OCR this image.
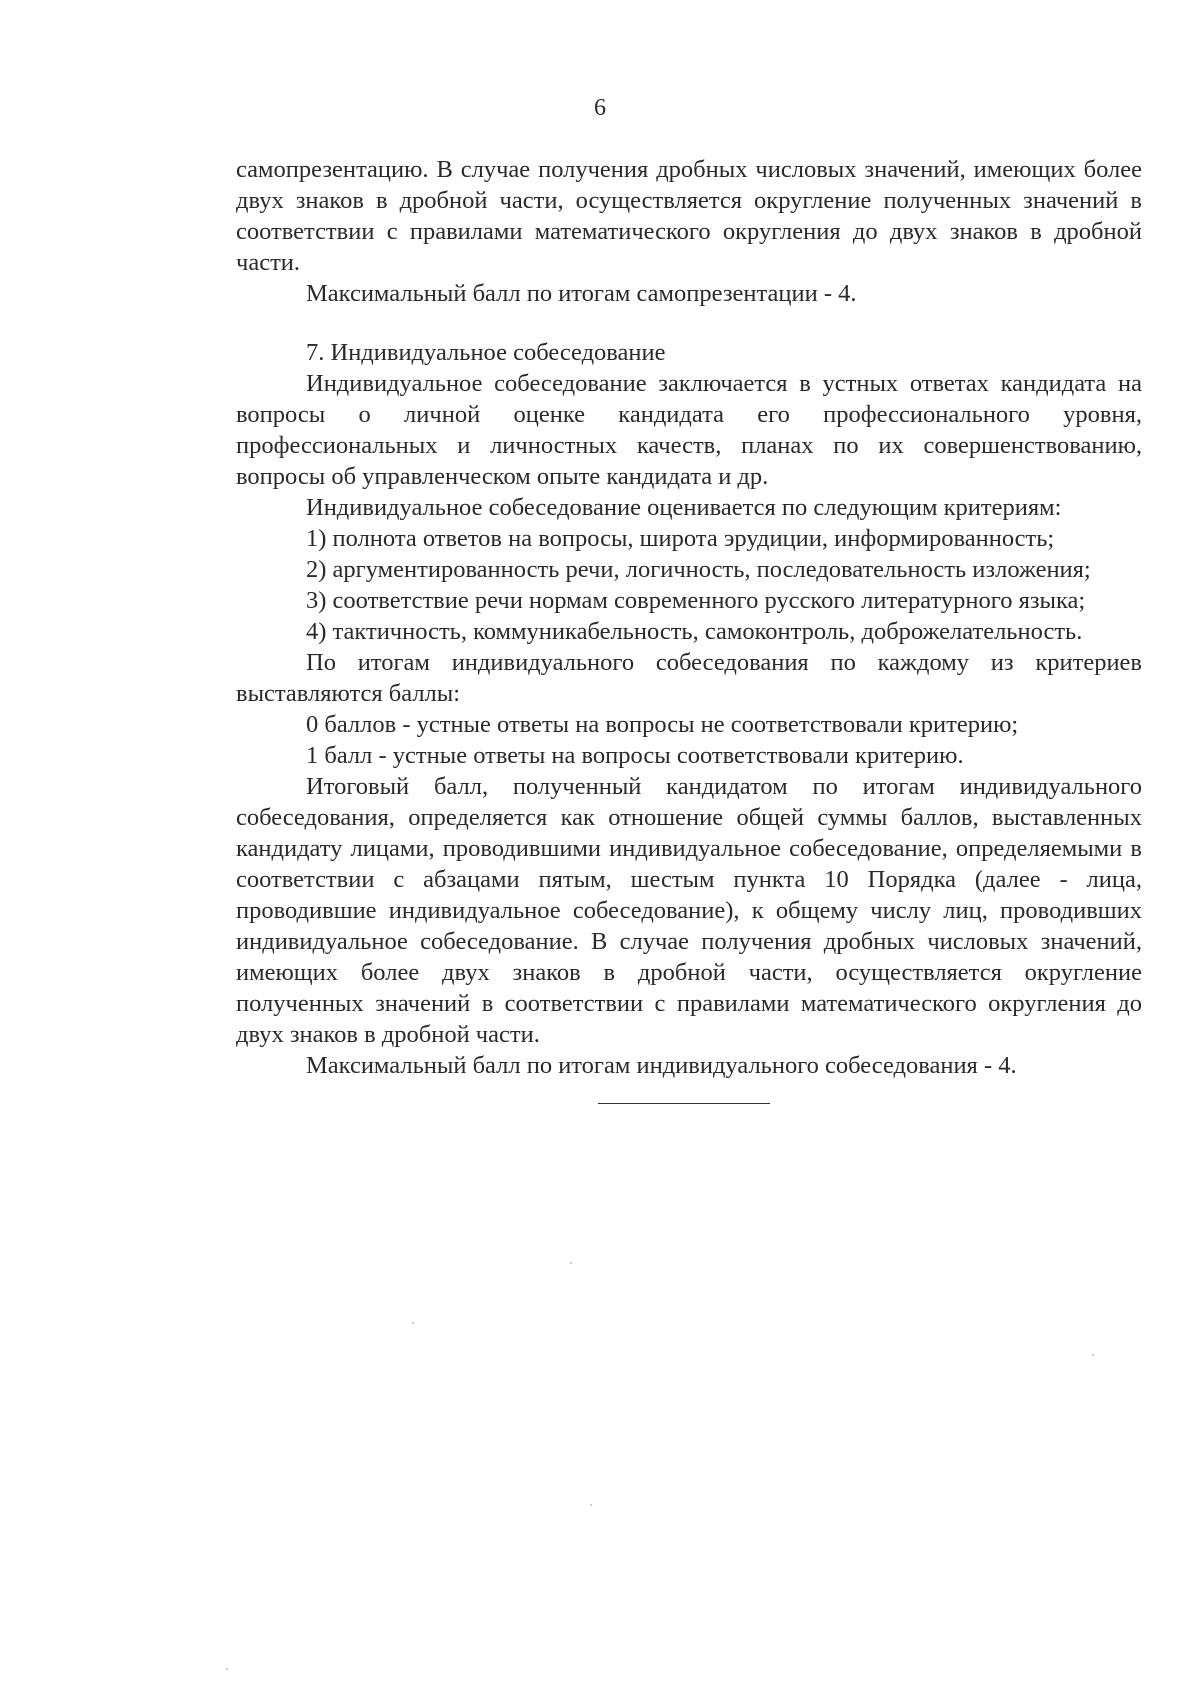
6

самопрезентацию. В случае получения дробных числовых значений, имеющих более двух знаков в дробной части, осуществляется округление полученных значений в соответствии с правилами математического округления до двух знаков в дробной части.

Максимальный балл по итогам самопрезентации - 4.

7. Индивидуальное собеседование

Индивидуальное собеседование заключается в устных ответах кандидата на вопросы о личной оценке кандидата его профессионального уровня, профессиональных и личностных качеств, планах по их совершенствованию, вопросы об управленческом опыте кандидата и др.

Индивидуальное собеседование оценивается по следующим критериям:

1) полнота ответов на вопросы, широта эрудиции, информированность;

2) аргументированность речи, логичность, последовательность изложения;

3) соответствие речи нормам современного русского литературного языка;

4) тактичность, коммуникабельность, самоконтроль, доброжелательность.

По итогам индивидуального собеседования по каждому из критериев выставляются баллы:

0 баллов - устные ответы на вопросы не соответствовали критерию;

1 балл - устные ответы на вопросы соответствовали критерию.

Итоговый балл, полученный кандидатом по итогам индивидуального собеседования, определяется как отношение общей суммы баллов, выставленных кандидату лицами, проводившими индивидуальное собеседование, определяемыми в соответствии с абзацами пятым, шестым пункта 10 Порядка (далее - лица, проводившие индивидуальное собеседование), к общему числу лиц, проводивших индивидуальное собеседование. В случае получения дробных числовых значений, имеющих более двух знаков в дробной части, осуществляется округление полученных значений в соответствии с правилами математического округления до двух знаков в дробной части.

Максимальный балл по итогам индивидуального собеседования - 4.
